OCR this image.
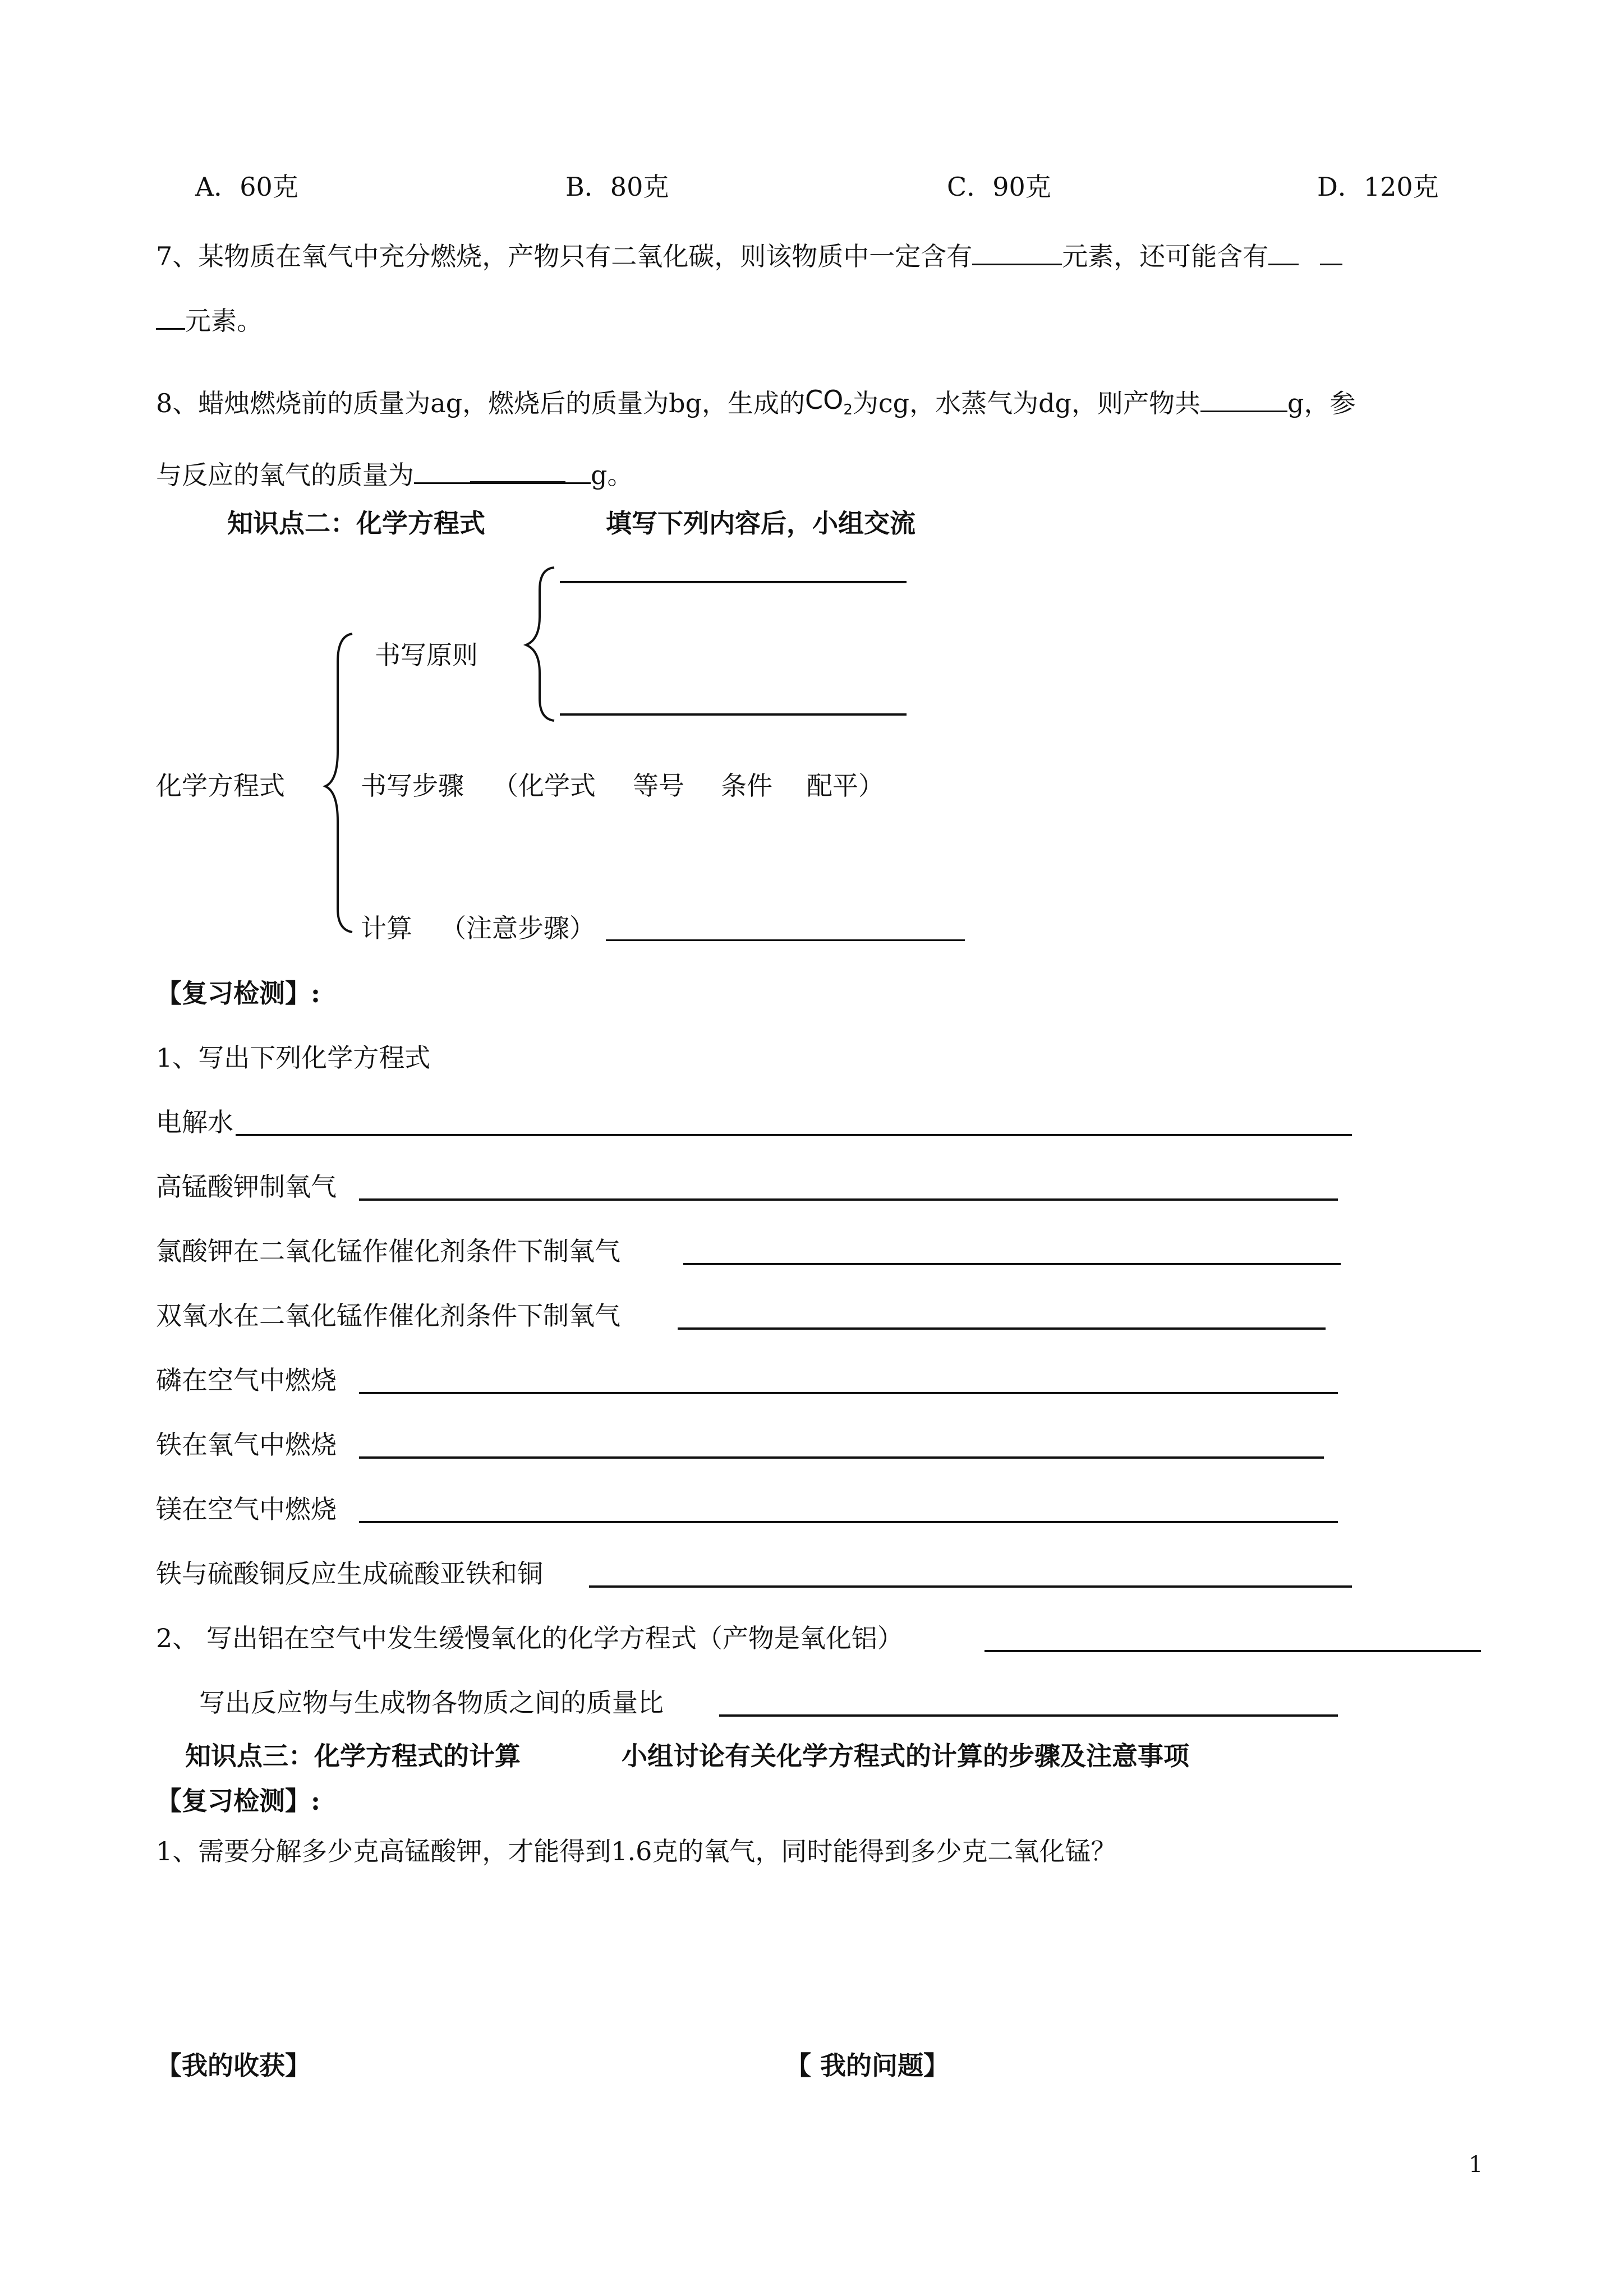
A．60克	B．80克	C．90克	D．120克
7、某物质在氧气中充分燃烧，产物只有二氧化碳，则该物质中一定含有	元素，还可能含有
元素。
8、蜡烛燃烧前的质量为ag，燃烧后的质量为bg，生成的$CO_2$为cg，水蒸气为dg，则产物共	g，参
与反应的氧气的质量为	g。
知识点二：化学方程式	填写下列内容后，小组交流
书写原则
化学方程式	书写步骤 （化学式 等号 条件 配平）
计算 （注意步骤）
【复习检测】:
1、写出下列化学方程式
电解水
高锰酸钾制氧气
氯酸钾在二氧化锰作催化剂条件下制氧气
双氧水在二氧化锰作催化剂条件下制氧气
磷在空气中燃烧
铁在氧气中燃烧
镁在空气中燃烧
铁与硫酸铜反应生成硫酸亚铁和铜
2、 写出铝在空气中发生缓慢氧化的化学方程式（产物是氧化铝）
写出反应物与生成物各物质之间的质量比
知识点三：化学方程式的计算	小组讨论有关化学方程式的计算的步骤及注意事项
【复习检测】:
1、需要分解多少克高锰酸钾，才能得到1.6克的氧气，同时能得到多少克二氧化锰？
【我的收获】	【 我的问题】
1
